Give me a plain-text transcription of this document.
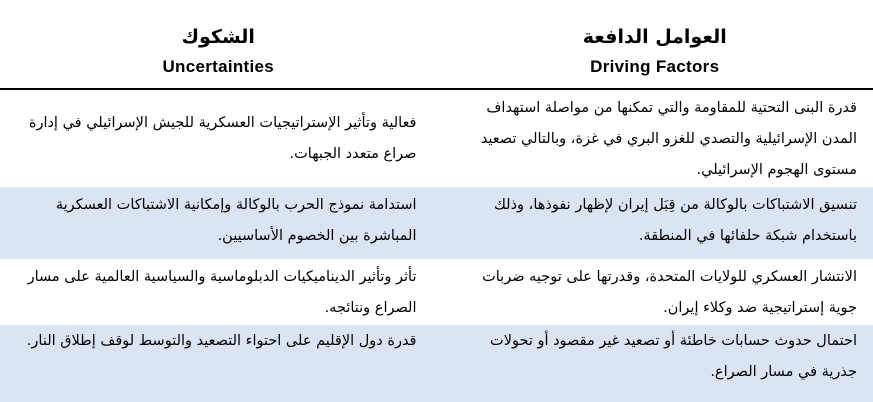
العوامل الدافعة
Driving Factors
الشكوك
Uncertainties
قدرة البنى التحتية للمقاومة والتي تمكنها من مواصلة استهداف المدن الإسرائيلية والتصدي للغزو البري في غزة، وبالتالي تصعيد مستوى الهجوم الإسرائيلي.
فعالية وتأثير الإستراتيجيات العسكرية للجيش الإسرائيلي في إدارة صراع متعدد الجبهات.
تنسيق الاشتباكات بالوكالة من قِبَل إيران لإظهار نفوذها، وذلك باستخدام شبكة حلفائها في المنطقة.
استدامة نموذج الحرب بالوكالة وإمكانية الاشتباكات العسكرية المباشرة بين الخصوم الأساسيين.
الانتشار العسكري للولايات المتحدة، وقدرتها على توجيه ضربات جوية إستراتيجية ضد وكلاء إيران.
تأثر وتأثير الديناميكيات الدبلوماسية والسياسية العالمية على مسار الصراع ونتائجه.
احتمال حدوث حسابات خاطئة أو تصعيد غير مقصود أو تحولات جذرية في مسار الصراع.
قدرة دول الإقليم على احتواء التصعيد والتوسط لوقف إطلاق النار.
